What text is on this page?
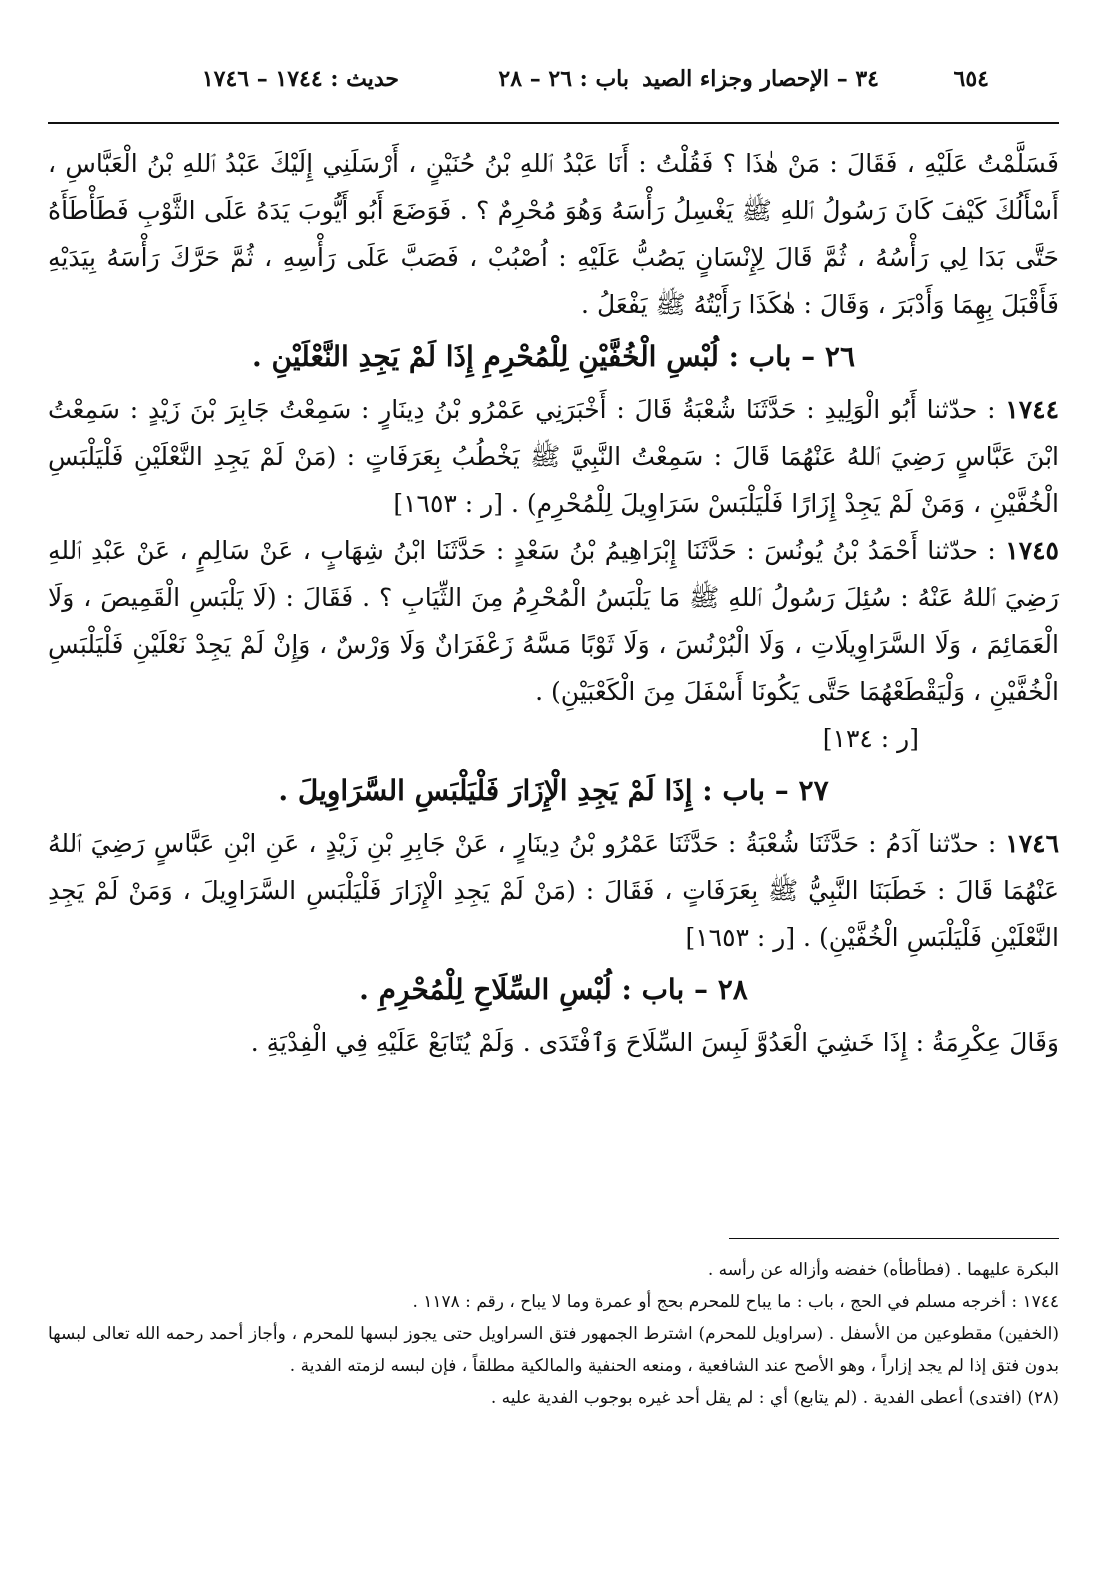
٦٥٤
٣٤ – الإحصار وجزاء الصيد
باب : ٢٦ – ٢٨
حديث : ١٧٤٤ – ١٧٤٦

فَسَلَّمْتُ عَلَيْهِ ، فَقَالَ : مَنْ هٰذَا ؟ فَقُلْتُ : أَنَا عَبْدُ ٱللهِ بْنُ حُنَيْنٍ ، أَرْسَلَنِي إِلَيْكَ عَبْدُ ٱللهِ بْنُ الْعَبَّاسِ ، أَسْأَلُكَ كَيْفَ كَانَ رَسُولُ ٱللهِ ﷺ يَغْسِلُ رَأْسَهُ وَهُوَ مُحْرِمٌ ؟ . فَوَضَعَ أَبُو أَيُّوبَ يَدَهُ عَلَى الثَّوْبِ فَطَأْطَأَهُ حَتَّى بَدَا لِي رَأْسُهُ ، ثُمَّ قَالَ لِإِنْسَانٍ يَصُبُّ عَلَيْهِ : اُصْبُبْ ، فَصَبَّ عَلَى رَأْسِهِ ، ثُمَّ حَرَّكَ رَأْسَهُ بِيَدَيْهِ فَأَقْبَلَ بِهِمَا وَأَدْبَرَ ، وَقَالَ : هٰكَذَا رَأَيْتُهُ ﷺ يَفْعَلُ .

٢٦ – باب : لُبْسِ الْخُفَّيْنِ لِلْمُحْرِمِ إِذَا لَمْ يَجِدِ النَّعْلَيْنِ .

١٧٤٤ : حدّثنا أَبُو الْوَلِيدِ : حَدَّثَنَا شُعْبَةُ قَالَ : أَخْبَرَنِي عَمْرُو بْنُ دِينَارٍ : سَمِعْتُ جَابِرَ بْنَ زَيْدٍ : سَمِعْتُ ابْنَ عَبَّاسٍ رَضِيَ ٱللهُ عَنْهُمَا قَالَ : سَمِعْتُ النَّبِيَّ ﷺ يَخْطُبُ بِعَرَفَاتٍ : (مَنْ لَمْ يَجِدِ النَّعْلَيْنِ فَلْيَلْبَسِ الْخُفَّيْنِ ، وَمَنْ لَمْ يَجِدْ إِزَارًا فَلْيَلْبَسْ سَرَاوِيلَ لِلْمُحْرِمِ) . [ر : ١٦٥٣]

١٧٤٥ : حدّثنا أَحْمَدُ بْنُ يُونُسَ : حَدَّثَنَا إِبْرَاهِيمُ بْنُ سَعْدٍ : حَدَّثَنَا ابْنُ شِهَابٍ ، عَنْ سَالِمٍ ، عَنْ عَبْدِ ٱللهِ رَضِيَ ٱللهُ عَنْهُ : سُئِلَ رَسُولُ ٱللهِ ﷺ مَا يَلْبَسُ الْمُحْرِمُ مِنَ الثِّيَابِ ؟ . فَقَالَ : (لَا يَلْبَسِ الْقَمِيصَ ، وَلَا الْعَمَائِمَ ، وَلَا السَّرَاوِيلَاتِ ، وَلَا الْبُرْنُسَ ، وَلَا ثَوْبًا مَسَّهُ زَعْفَرَانٌ وَلَا وَرْسٌ ، وَإِنْ لَمْ يَجِدْ نَعْلَيْنِ فَلْيَلْبَسِ الْخُفَّيْنِ ، وَلْيَقْطَعْهُمَا حَتَّى يَكُونَا أَسْفَلَ مِنَ الْكَعْبَيْنِ) .

[ر : ١٣٤]

٢٧ – باب : إِذَا لَمْ يَجِدِ الْإِزَارَ فَلْيَلْبَسِ السَّرَاوِيلَ .

١٧٤٦ : حدّثنا آدَمُ : حَدَّثَنَا شُعْبَةُ : حَدَّثَنَا عَمْرُو بْنُ دِينَارٍ ، عَنْ جَابِرِ بْنِ زَيْدٍ ، عَنِ ابْنِ عَبَّاسٍ رَضِيَ ٱللهُ عَنْهُمَا قَالَ : خَطَبَنَا النَّبِيُّ ﷺ بِعَرَفَاتٍ ، فَقَالَ : (مَنْ لَمْ يَجِدِ الْإِزَارَ فَلْيَلْبَسِ السَّرَاوِيلَ ، وَمَنْ لَمْ يَجِدِ النَّعْلَيْنِ فَلْيَلْبَسِ الْخُفَّيْنِ) . [ر : ١٦٥٣]

٢٨ – باب : لُبْسِ السِّلَاحِ لِلْمُحْرِمِ .

وَقَالَ عِكْرِمَةُ : إِذَا خَشِيَ الْعَدُوَّ لَبِسَ السِّلَاحَ وَٱفْتَدَى . وَلَمْ يُتَابَعْ عَلَيْهِ فِي الْفِدْيَةِ .

البكرة عليهما . (فطأطأه) خفضه وأزاله عن رأسه .

١٧٤٤ : أخرجه مسلم في الحج ، باب : ما يباح للمحرم بحج أو عمرة وما لا يباح ، رقم : ١١٧٨ .

(الخفين) مقطوعين من الأسفل . (سراويل للمحرم) اشترط الجمهور فتق السراويل حتى يجوز لبسها للمحرم ، وأجاز أحمد رحمه الله تعالى لبسها بدون فتق إذا لم يجد إزاراً ، وهو الأصح عند الشافعية ، ومنعه الحنفية والمالكية مطلقاً ، فإن لبسه لزمته الفدية .

(٢٨) (افتدى) أعطى الفدية . (لم يتابع) أي : لم يقل أحد غيره بوجوب الفدية عليه .
